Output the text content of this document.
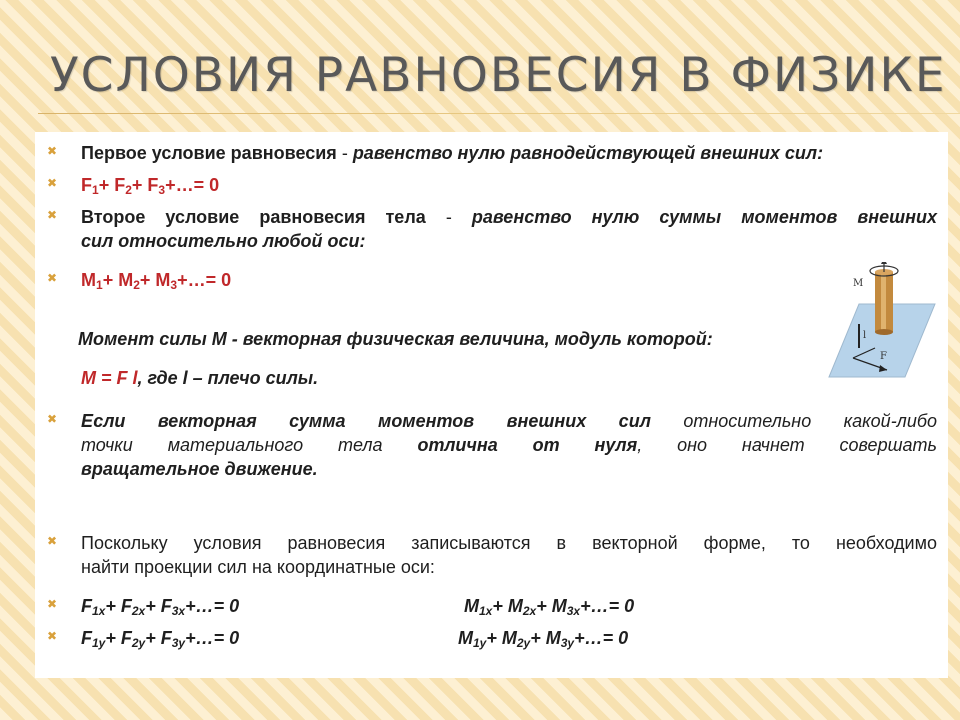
УСЛОВИЯ РАВНОВЕСИЯ В ФИЗИКЕ
✖ Первое условие равновесия - равенство нулю равнодействующей внешних сил:
✖ $F_1+ F_2+$ $F_3+\dots= 0$
✖ Второе условие равновесия тела - равенство нулю суммы моментов внешних
сил относительно любой оси:
✖ $M_1+ M_2+$ $M_3+\dots= 0$
Момент силы М - векторная физическая величина, модуль которой:
M = F l, где l – плечо силы.
M
l
F
✖ Если векторная сумма моментов внешних сил относительно какой-либо
точки материального тела отлична от нуля, оно начнет совершать
вращательное движение.
✖ Поскольку условия равновесия записываются в векторной форме, то необходимо
найти проекции сил на координатные оси:
✖ $F_{1x}+ F_{2x}+$ $F_{3x}+\dots= 0$	$M_{1x}+ M_{2x}+$ $M_{3x}+\dots= 0$
✖ $F_{1y}+ F_{2y}+$ $F_{3y}+\dots= 0$	$M_{1y}+ M_{2y}+$ $M_{3y}+\dots= 0$
